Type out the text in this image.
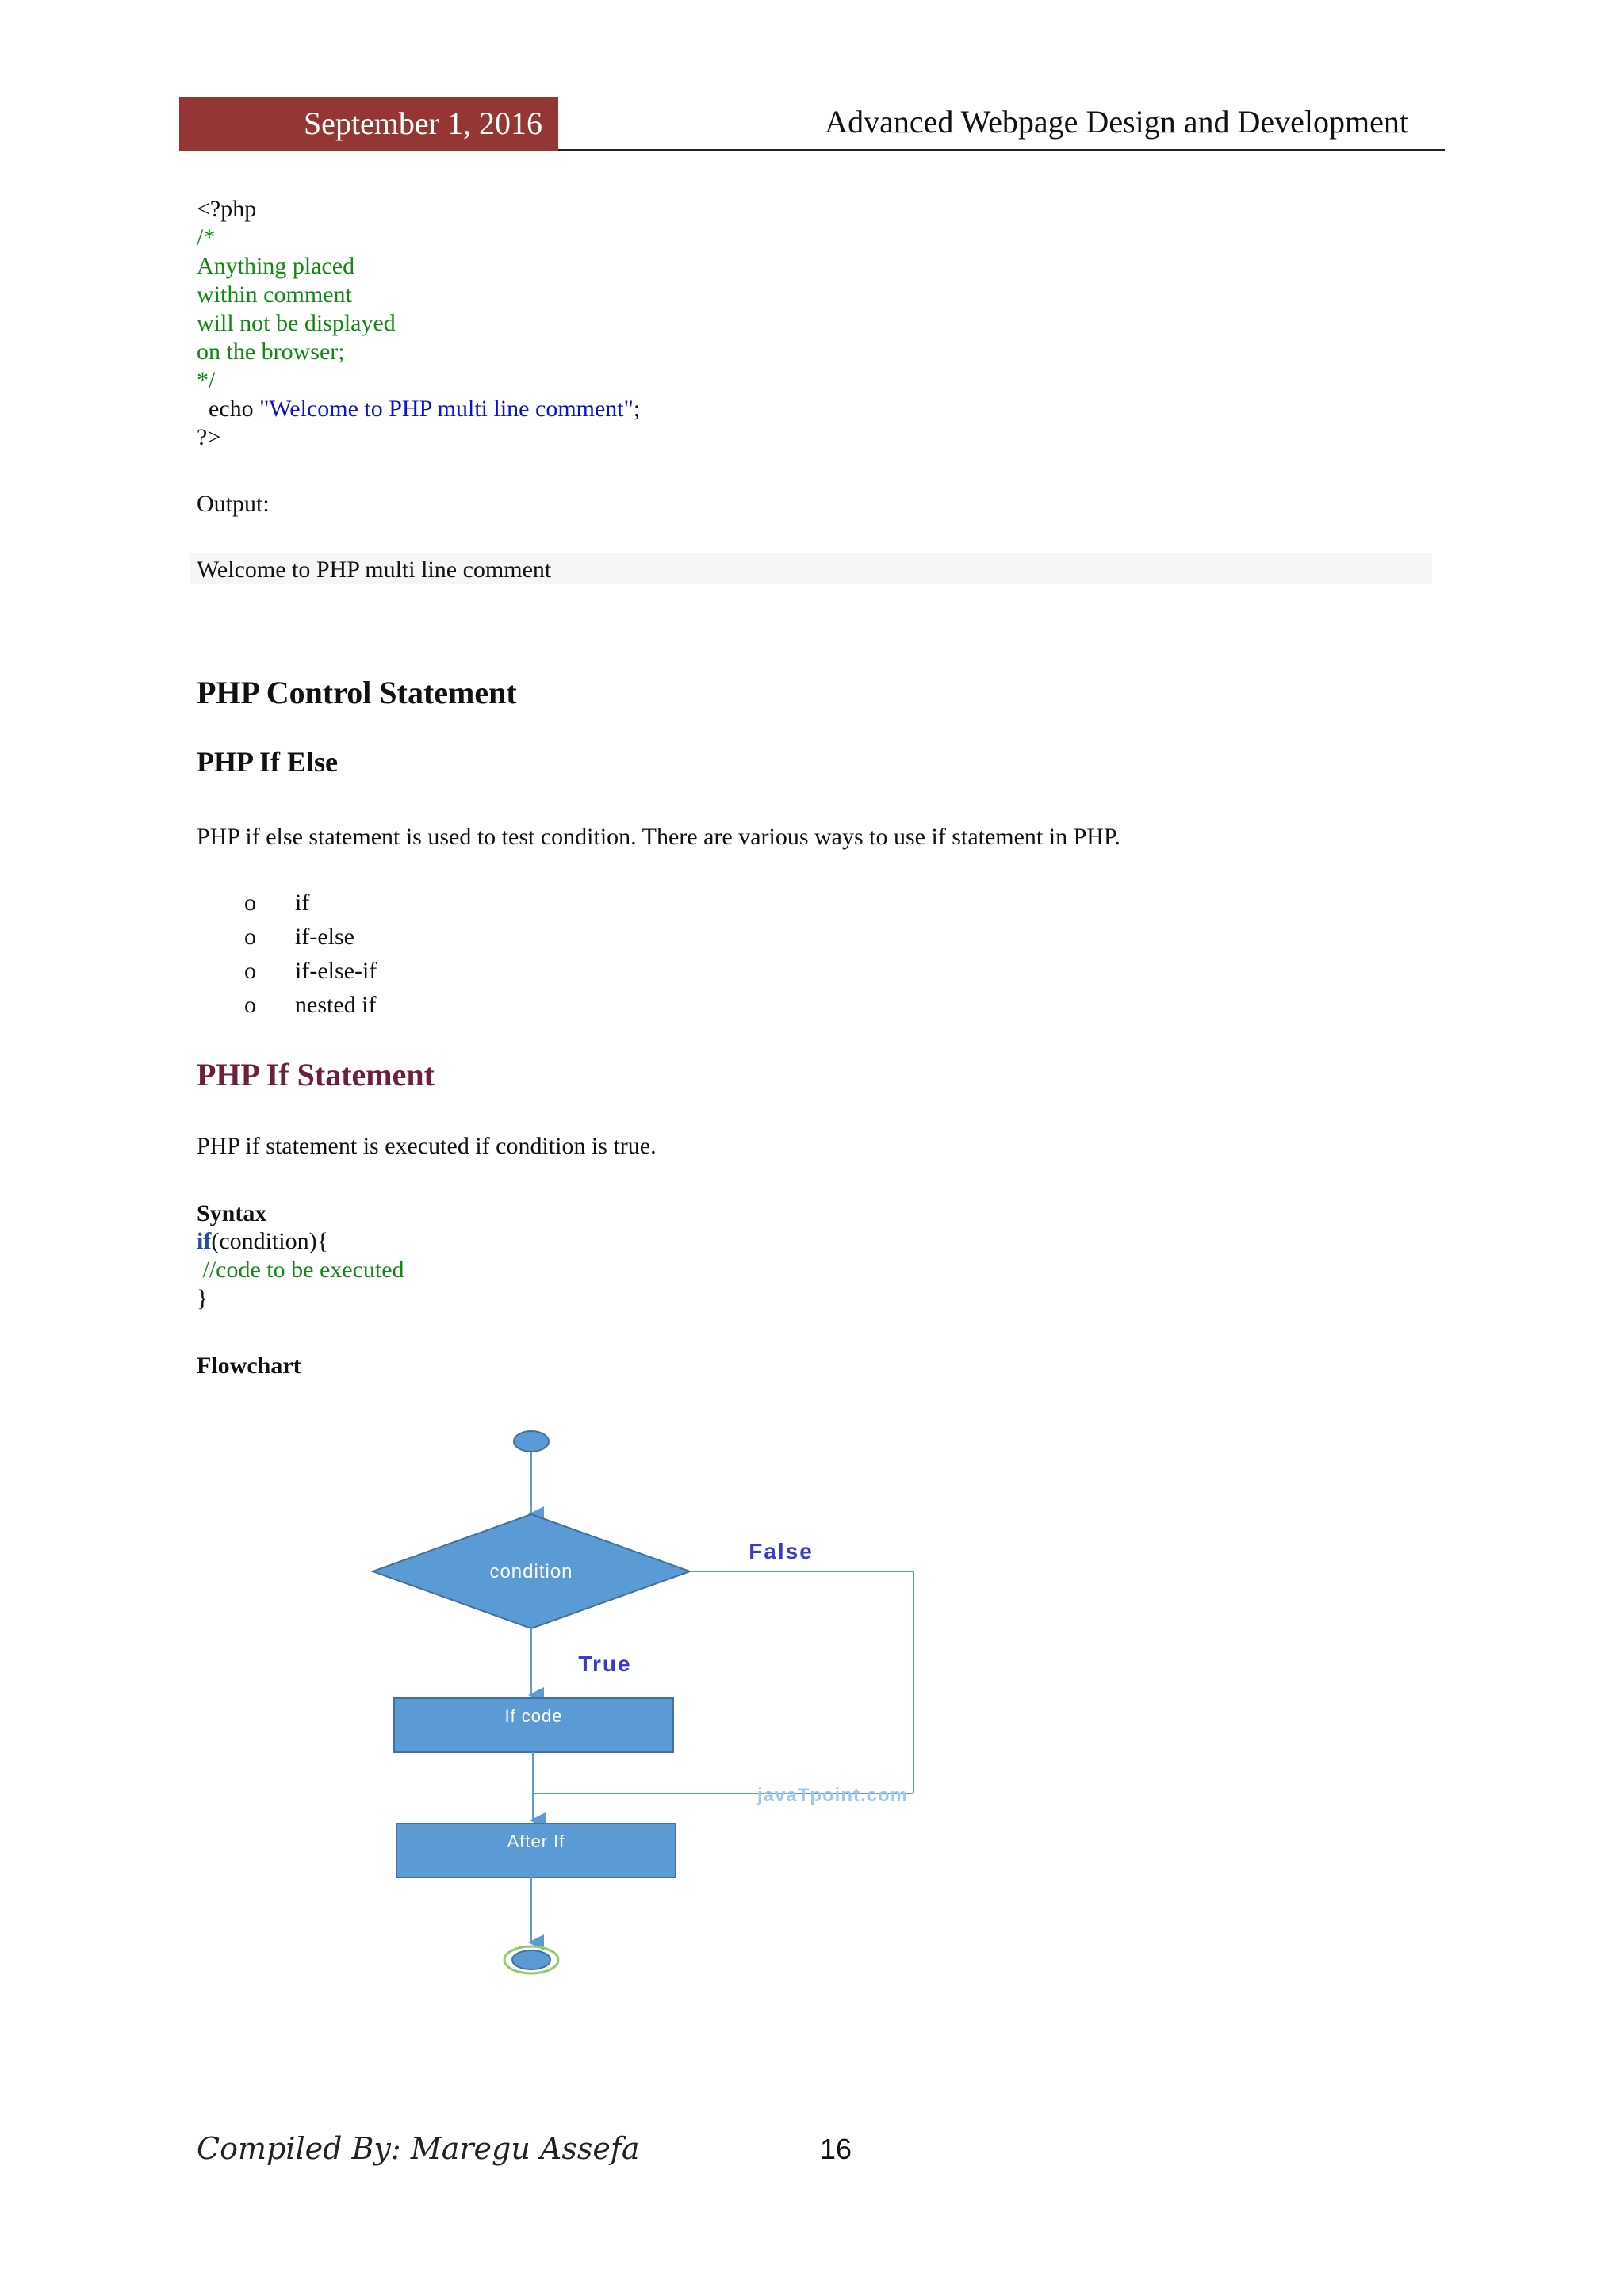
September 1, 2016	Advanced Webpage Design and Development
<?php
/*
Anything placed
within comment
will not be displayed
on the browser;
*/
echo "Welcome to PHP multi line comment";
?>
Output:
Welcome to PHP multi line comment
PHP Control Statement
PHP If Else
PHP if else statement is used to test condition. There are various ways to use if statement in PHP.
o if
o if-else
o if-else-if
o nested if
PHP If Statement
PHP if statement is executed if condition is true.
Syntax
if(condition){
//code to be executed
}
Flowchart
condition
False
True
If code
javaTpoint.com
After If
Compiled By: Maregu Assefa	16
